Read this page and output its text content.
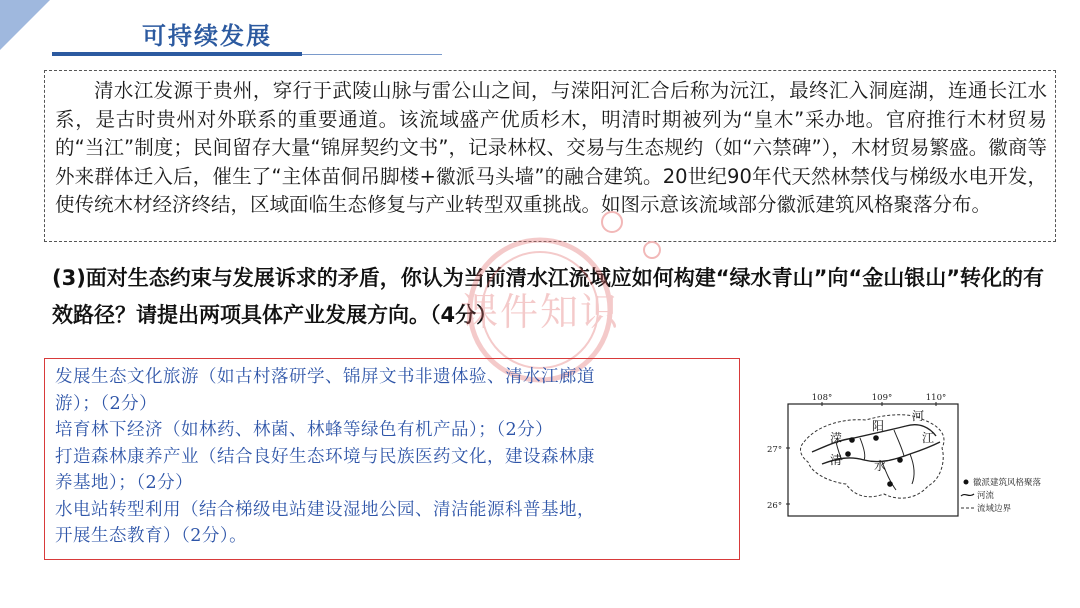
可持续发展
清水江发源于贵州，穿行于武陵山脉与雷公山之间，与溁阳河汇合后称为沅江，最终汇入洞庭湖，连通长江水系，是古时贵州对外联系的重要通道。该流域盛产优质杉木，明清时期被列为“皇木”采办地。官府推行木材贸易的“当江”制度；民间留存大量“锦屏契约文书”，记录林权、交易与生态规约（如“六禁碑”），木材贸易繁盛。徽商等外来群体迁入后，催生了“主体苗侗吊脚楼+徽派马头墙”的融合建筑。20世纪90年代天然林禁伐与梯级水电开发，使传统木材经济终结，区域面临生态修复与产业转型双重挑战。如图示意该流域部分徽派建筑风格聚落分布。
(3)面对生态约束与发展诉求的矛盾，你认为当前清水江流域应如何构建“绿水青山”向“金山银山”转化的有效路径？请提出两项具体产业发展方向。（4分）
课件知识
发展生态文化旅游（如古村落研学、锦屏文书非遗体验、清水江廊道
游）；（2分）
培育林下经济（如林药、林菌、林蜂等绿色有机产品）；（2分）
打造森林康养产业（结合良好生态环境与民族医药文化，建设森林康
养基地）；（2分）
水电站转型利用（结合梯级电站建设湿地公园、清洁能源科普基地，
开展生态教育）（2分）。
108°	109°	110°
27°
26°
溁
阳
河
清	水
江
徽派建筑风格聚落
河流
流域边界
